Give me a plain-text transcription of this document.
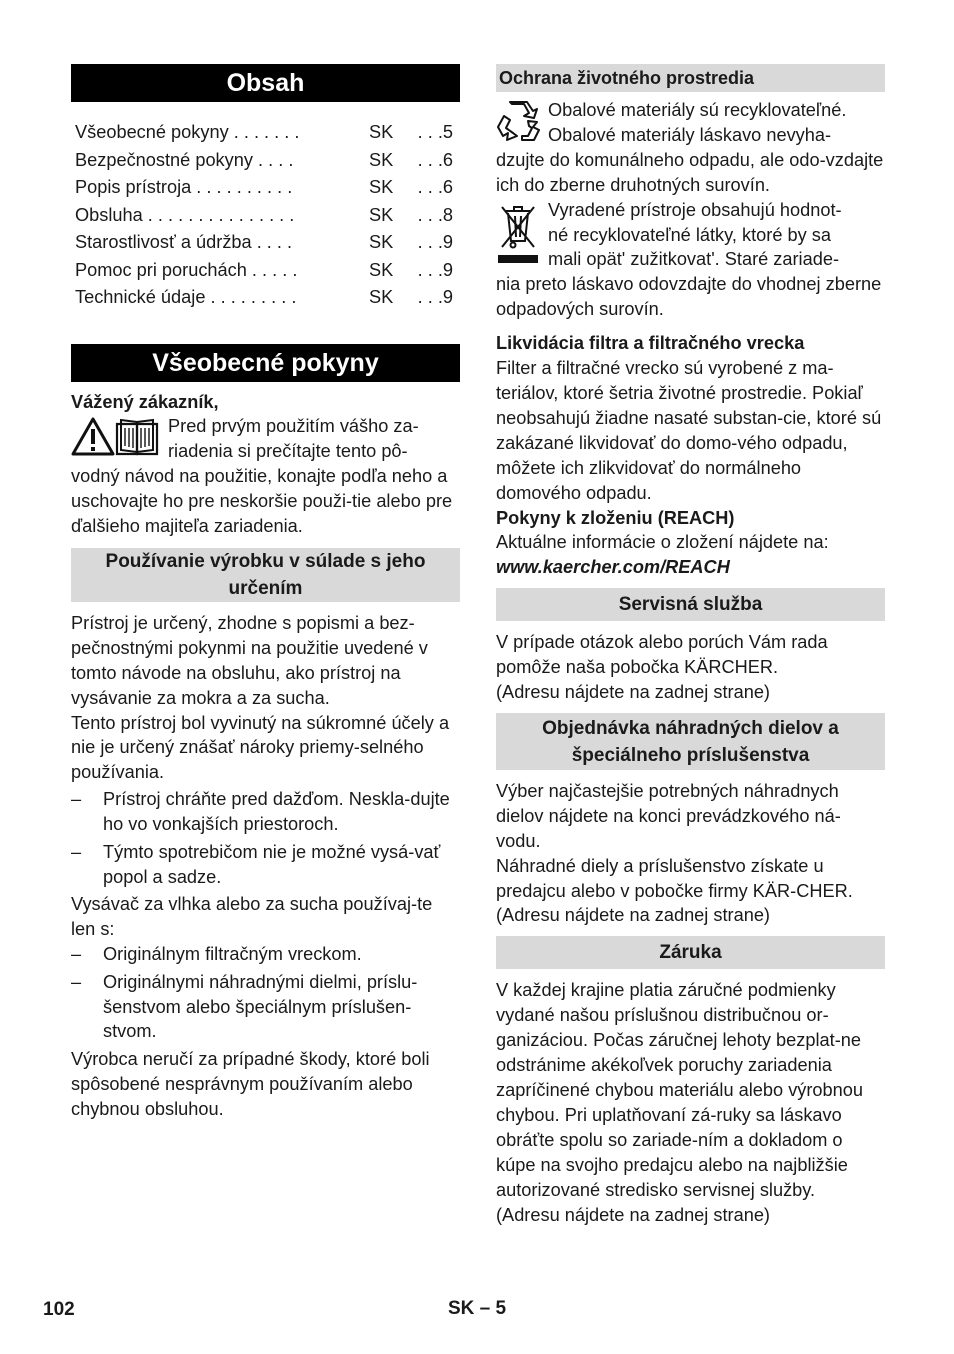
Obsah
Všeobecné pokyny . . . . . . .	SK	. . .5
Bezpečnostné pokyny . . . .	SK	. . .6
Popis prístroja . . . . . . . . . .	SK	. . .6
Obsluha . . . . . . . . . . . . . . .	SK	. . .8
Starostlivosť a údržba . . . .	SK	. . .9
Pomoc pri poruchách . . . . .	SK	. . .9
Technické údaje . . . . . . . . .	SK	. . .9
Všeobecné pokyny

Vážený zákazník,

Pred prvým použitím vášho za-

riadenia si prečítajte tento pô-

vodný návod na použitie, konajte podľa neho a uschovajte ho pre neskoršie použi-tie alebo pre ďalšieho majiteľa zariadenia.

Používanie výrobku v súlade s jeho určením

Prístroj je určený, zhodne s popismi a bez-pečnostnými pokynmi na použitie uvedené v tomto návode na obsluhu, ako prístroj na vysávanie za mokra a za sucha.

Tento prístroj bol vyvinutý na súkromné účely a nie je určený znášať nároky priemy-selného používania.

–	Prístroj chráňte pred dažďom. Neskla-dujte ho vo vonkajších priestoroch.
–	Týmto spotrebičom nie je možné vysá-vať popol a sadze.

Vysávač za vlhka alebo za sucha používaj-te len s:

–	Originálnym filtračným vreckom.
–	Originálnymi náhradnými dielmi, príslu-šenstvom alebo špeciálnym príslušen-stvom.

Výrobca neručí za prípadné škody, ktoré boli spôsobené nesprávnym používaním alebo chybnou obsluhou.

Ochrana životného prostredia

Obalové materiály sú recyklovateľné.

Obalové materiály láskavo nevyha-

dzujte do komunálneho odpadu, ale odo-vzdajte ich do zberne druhotných surovín.

Vyradené prístroje obsahujú hodnot-

né recyklovateľné látky, ktoré by sa

mali opät' zužitkovat'. Staré zariade-

nia preto láskavo odovzdajte do vhodnej zberne odpadových surovín.

Likvidácia filtra a filtračného vrecka

Filter a filtračné vrecko sú vyrobené z ma-teriálov, ktoré šetria životné prostredie. Pokiaľ neobsahujú žiadne nasaté substan-cie, ktoré sú zakázané likvidovať do domo-vého odpadu, môžete ich zlikvidovať do normálneho domového odpadu.

Pokyny k zloženiu (REACH)

Aktuálne informácie o zložení nájdete na:

www.kaercher.com/REACH

Servisná služba

V prípade otázok alebo porúch Vám rada pomôže naša pobočka KÄRCHER.

(Adresu nájdete na zadnej strane)

Objednávka náhradných dielov a špeciálneho príslušenstva

Výber najčastejšie potrebných náhradnych dielov nájdete na konci prevádzkového ná-vodu.

Náhradné diely a príslušenstvo získate u predajcu alebo v pobočke firmy KÄR-CHER.

(Adresu nájdete na zadnej strane)

Záruka

V každej krajine platia záručné podmienky vydané našou príslušnou distribučnou or-ganizáciou. Počas záručnej lehoty bezplat-ne odstránime akékoľvek poruchy zariadenia zapríčinené chybou materiálu alebo výrobnou chybou. Pri uplatňovaní zá-ruky sa láskavo obráťte spolu so zariade-ním a dokladom o kúpe na svojho predajcu alebo na najbližšie autorizované stredisko servisnej služby.

(Adresu nájdete na zadnej strane)

102	SK – 5
